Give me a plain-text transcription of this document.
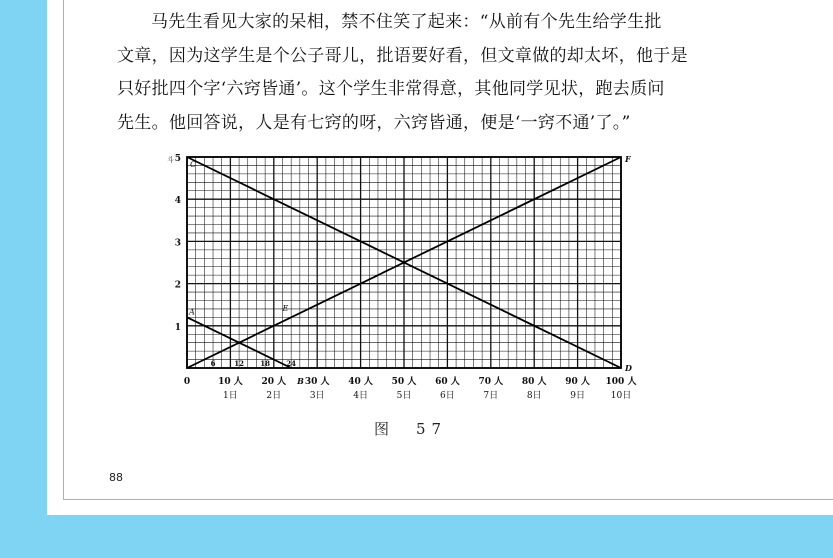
马先生看见大家的呆相，禁不住笑了起来：“从前有个先生给学生批
文章，因为这学生是个公子哥儿，批语要好看，但文章做的却太坏，他于是
只好批四个字‘六窍皆通’。这个学生非常得意，其他同学见状，跑去质问
先生。他回答说，人是有七窍的呀，六窍皆通，便是‘一窍不通’了。”

1
2
3
4
5
斗
0	10 人 20 人 30 人 40 人 50 人 60 人 70 人 80 人 90 人 100 人
1日	2日	3日	4日	5日	6日	7日	8日	9日	10日
6	12 18 24
A
B
C
D
E
F
图　57
88
